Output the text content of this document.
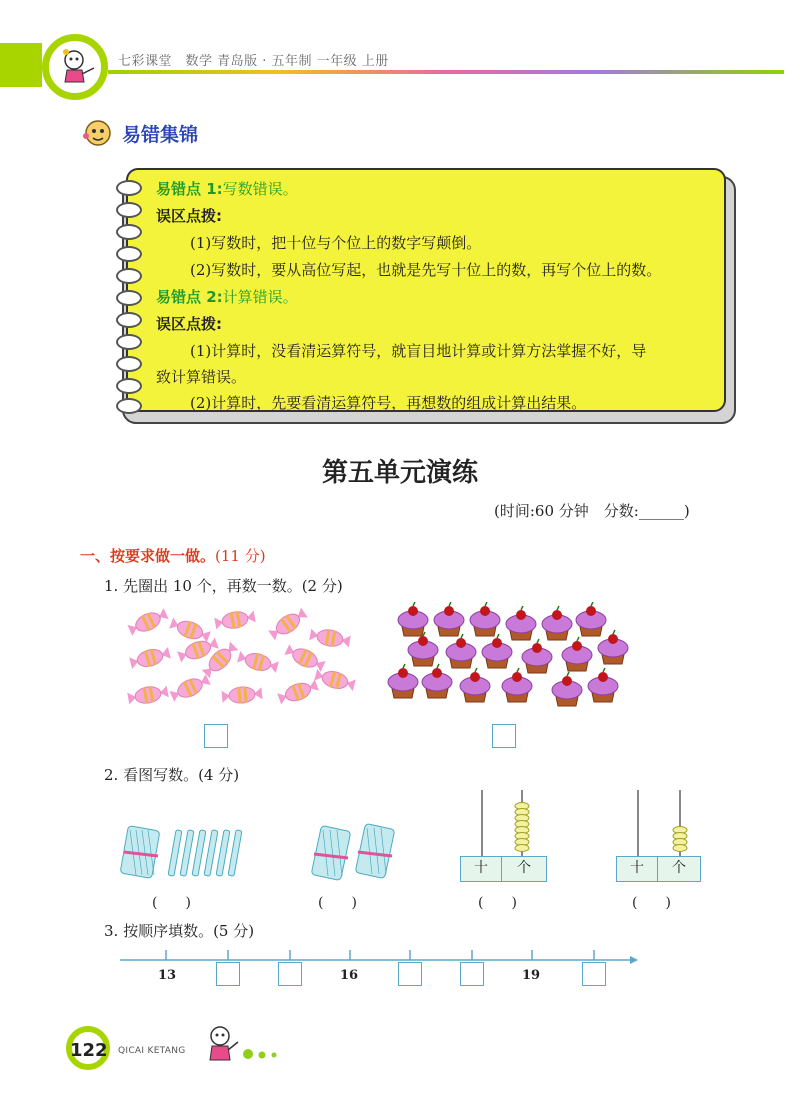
七彩课堂　数学 青岛版 · 五年制 一年级 上册
易错集锦
易错点 1:写数错误。
误区点拨:
(1)写数时，把十位与个位上的数字写颠倒。
(2)写数时，要从高位写起，也就是先写十位上的数，再写个位上的数。
易错点 2:计算错误。
误区点拨:
(1)计算时，没看清运算符号，就盲目地计算或计算方法掌握不好，导
致计算错误。
(2)计算时，先要看清运算符号，再想数的组成计算出结果。
第五单元演练
(时间:60 分钟　分数:______)
一、按要求做一做。(11 分)
1. 先圈出 10 个，再数一数。(2 分)
2. 看图写数。(4 分)
(　　)	(　　)
十	个
(　　)
十	个
(　　)
3. 按顺序填数。(5 分)
13	16	19
122 QICAI KETANG
